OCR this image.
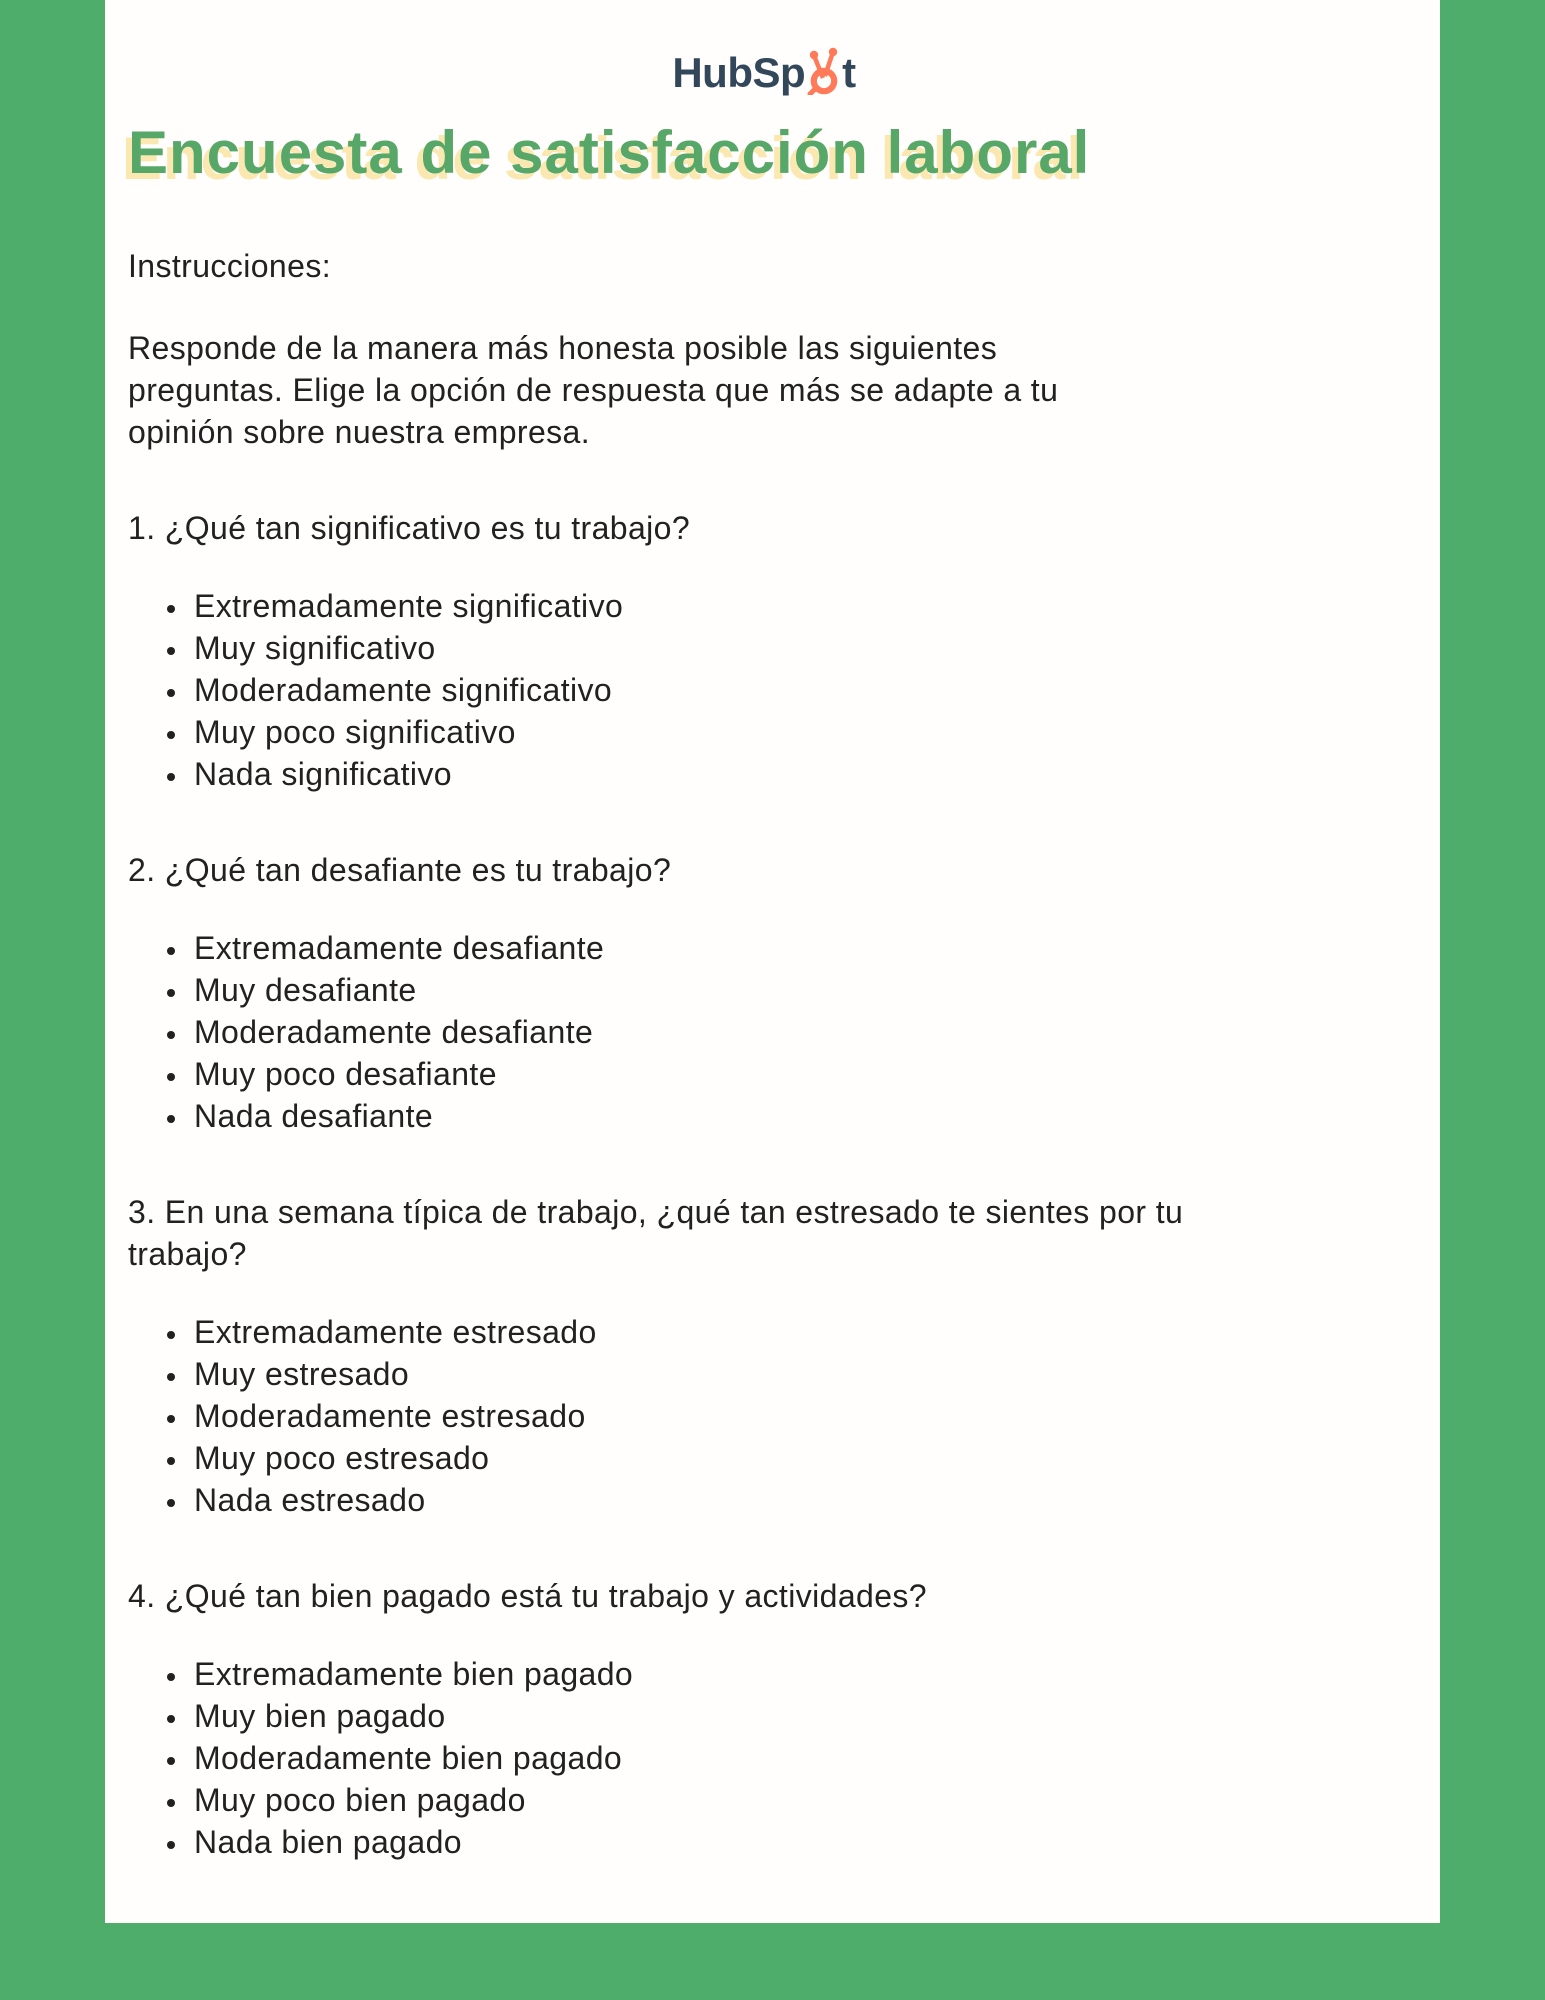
HubSp t
Encuesta de satisfacción laboral
Instrucciones:

Responde de la manera más honesta posible las siguientes preguntas. Elige la opción de respuesta que más se adapte a tu opinión sobre nuestra empresa.

1. ¿Qué tan significativo es tu trabajo?
• Extremadamente significativo
• Muy significativo
• Moderadamente significativo
• Muy poco significativo
• Nada significativo
2. ¿Qué tan desafiante es tu trabajo?
• Extremadamente desafiante
• Muy desafiante
• Moderadamente desafiante
• Muy poco desafiante
• Nada desafiante
3. En una semana típica de trabajo, ¿qué tan estresado te sientes por tu trabajo?
• Extremadamente estresado
• Muy estresado
• Moderadamente estresado
• Muy poco estresado
• Nada estresado
4. ¿Qué tan bien pagado está tu trabajo y actividades?
• Extremadamente bien pagado
• Muy bien pagado
• Moderadamente bien pagado
• Muy poco bien pagado
• Nada bien pagado
